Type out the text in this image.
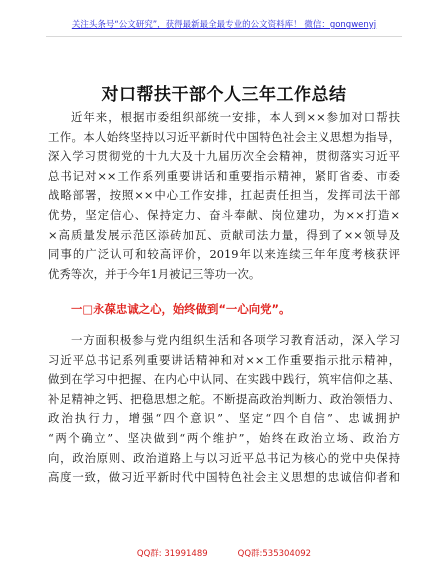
关注头条号“公文研究”，获得最新最全最专业的公文资料库！ 微信：gongwenyj
对口帮扶干部个人三年工作总结
近年来，根据市委组织部统一安排，本人到××参加对口帮扶
工作。本人始终坚持以习近平新时代中国特色社会主义思想为指导，
深入学习贯彻党的十九大及十九届历次全会精神，贯彻落实习近平
总书记对××工作系列重要讲话和重要指示精神，紧盯省委、市委
战略部署，按照××中心工作安排，扛起责任担当，发挥司法干部
优势，坚定信心、保持定力、奋斗奉献、岗位建功，为××打造×
×高质量发展示范区添砖加瓦、贡献司法力量，得到了××领导及
同事的广泛认可和较高评价，2019年以来连续三年年度考核获评
优秀等次，并于今年1月被记三等功一次。
一□永葆忠诚之心，始终做到“一心向党”。
一方面积极参与党内组织生活和各项学习教育活动，深入学习
习近平总书记系列重要讲话精神和对××工作重要指示批示精神，
做到在学习中把握、在内心中认同、在实践中践行，筑牢信仰之基、
补足精神之钙、把稳思想之舵。不断提高政治判断力、政治领悟力、
政治执行力，增强“四个意识”、坚定“四个自信”、忠诚拥护
“两个确立”、坚决做到“两个维护”，始终在政治立场、政治方
向，政治原则、政治道路上与以习近平总书记为核心的党中央保持
高度一致，做习近平新时代中国特色社会主义思想的忠诚信仰者和
QQ群: 31991489	QQ群:535304092
